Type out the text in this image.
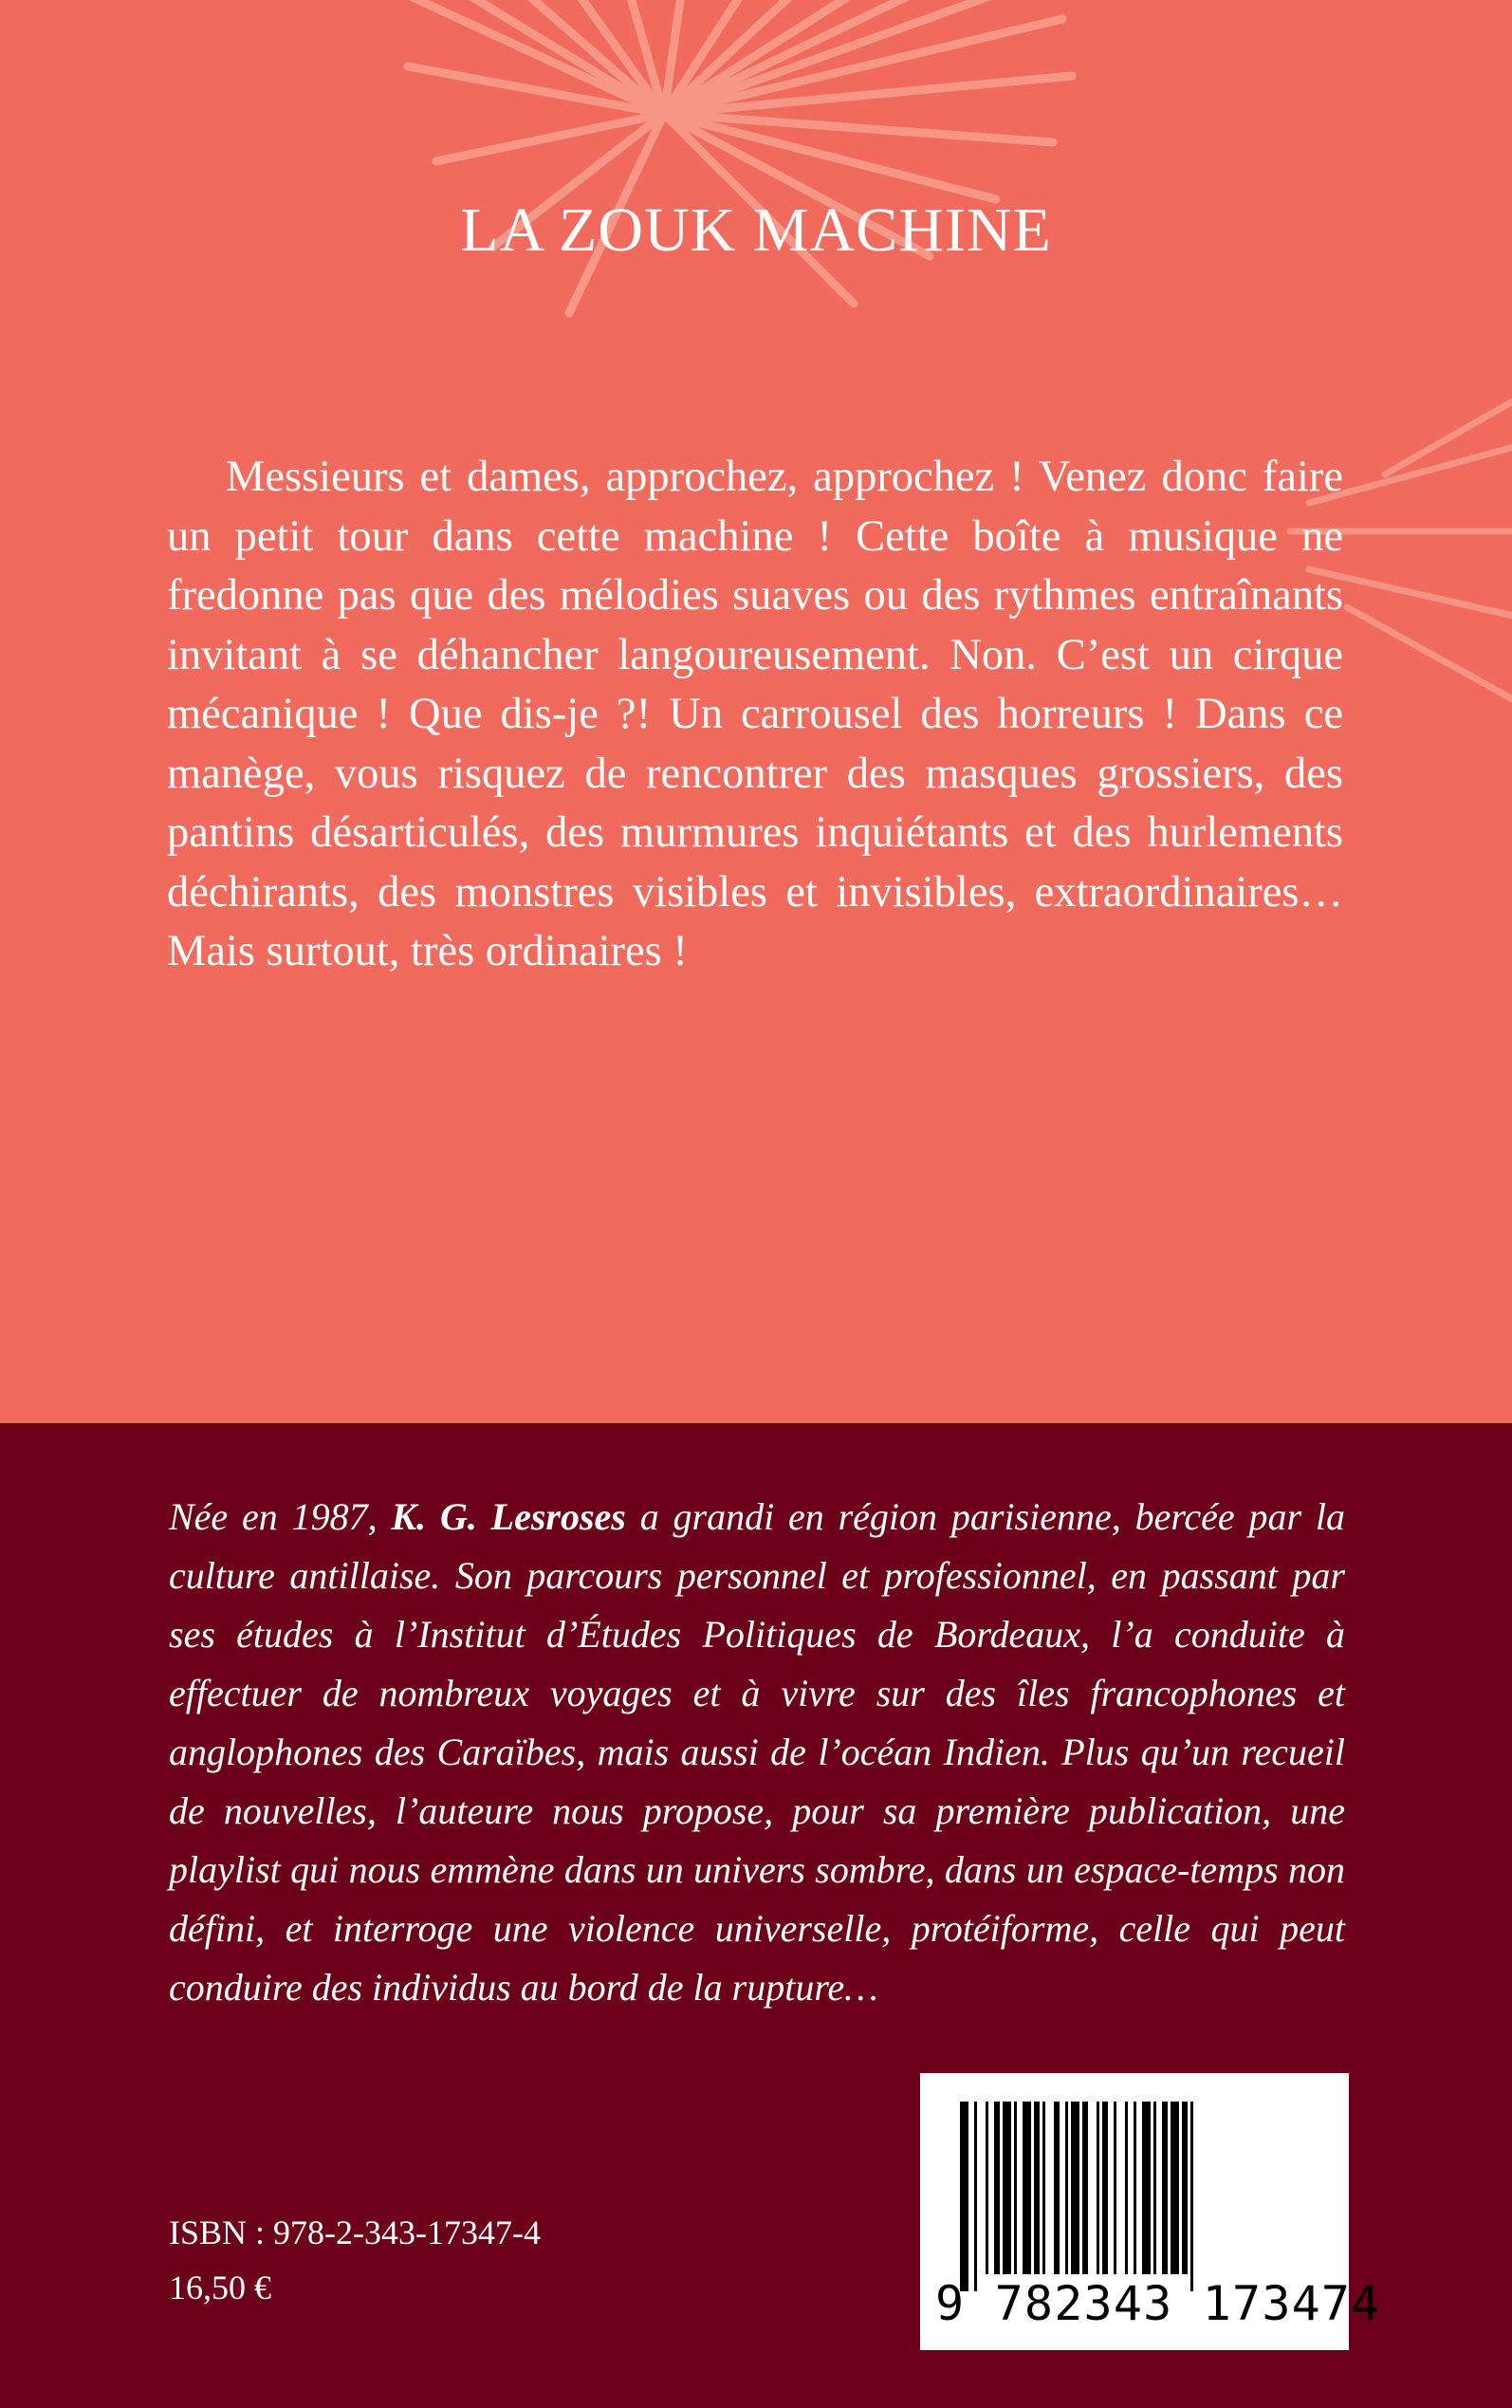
LA ZOUK MACHINE

Messieurs et dames, approchez, approchez ! Venez donc faire un petit tour dans cette machine ! Cette boîte à musique ne fredonne pas que des mélodies suaves ou des rythmes entraînants invitant à se déhancher langoureusement. Non. C’est un cirque mécanique ! Que dis-je ?! Un carrousel des horreurs ! Dans ce manège, vous risquez de rencontrer des masques grossiers, des pantins désarticulés, des murmures inquiétants et des hurlements déchirants, des monstres visibles et invisibles, extraordinaires… Mais surtout, très ordinaires !

Née en 1987, K. G. Lesroses a grandi en région parisienne, bercée par la culture antillaise. Son parcours personnel et professionnel, en passant par ses études à l’Institut d’Études Politiques de Bordeaux, l’a conduite à effectuer de nombreux voyages et à vivre sur des îles francophones et anglophones des Caraïbes, mais aussi de l’océan Indien. Plus qu’un recueil de nouvelles, l’auteure nous propose, pour sa première publication, une playlist qui nous emmène dans un univers sombre, dans un espace-temps non défini, et interroge une violence universelle, protéiforme, celle qui peut conduire des individus au bord de la rupture…

9 782343 173474
ISBN : 978-2-343-17347-4
16,50 €
